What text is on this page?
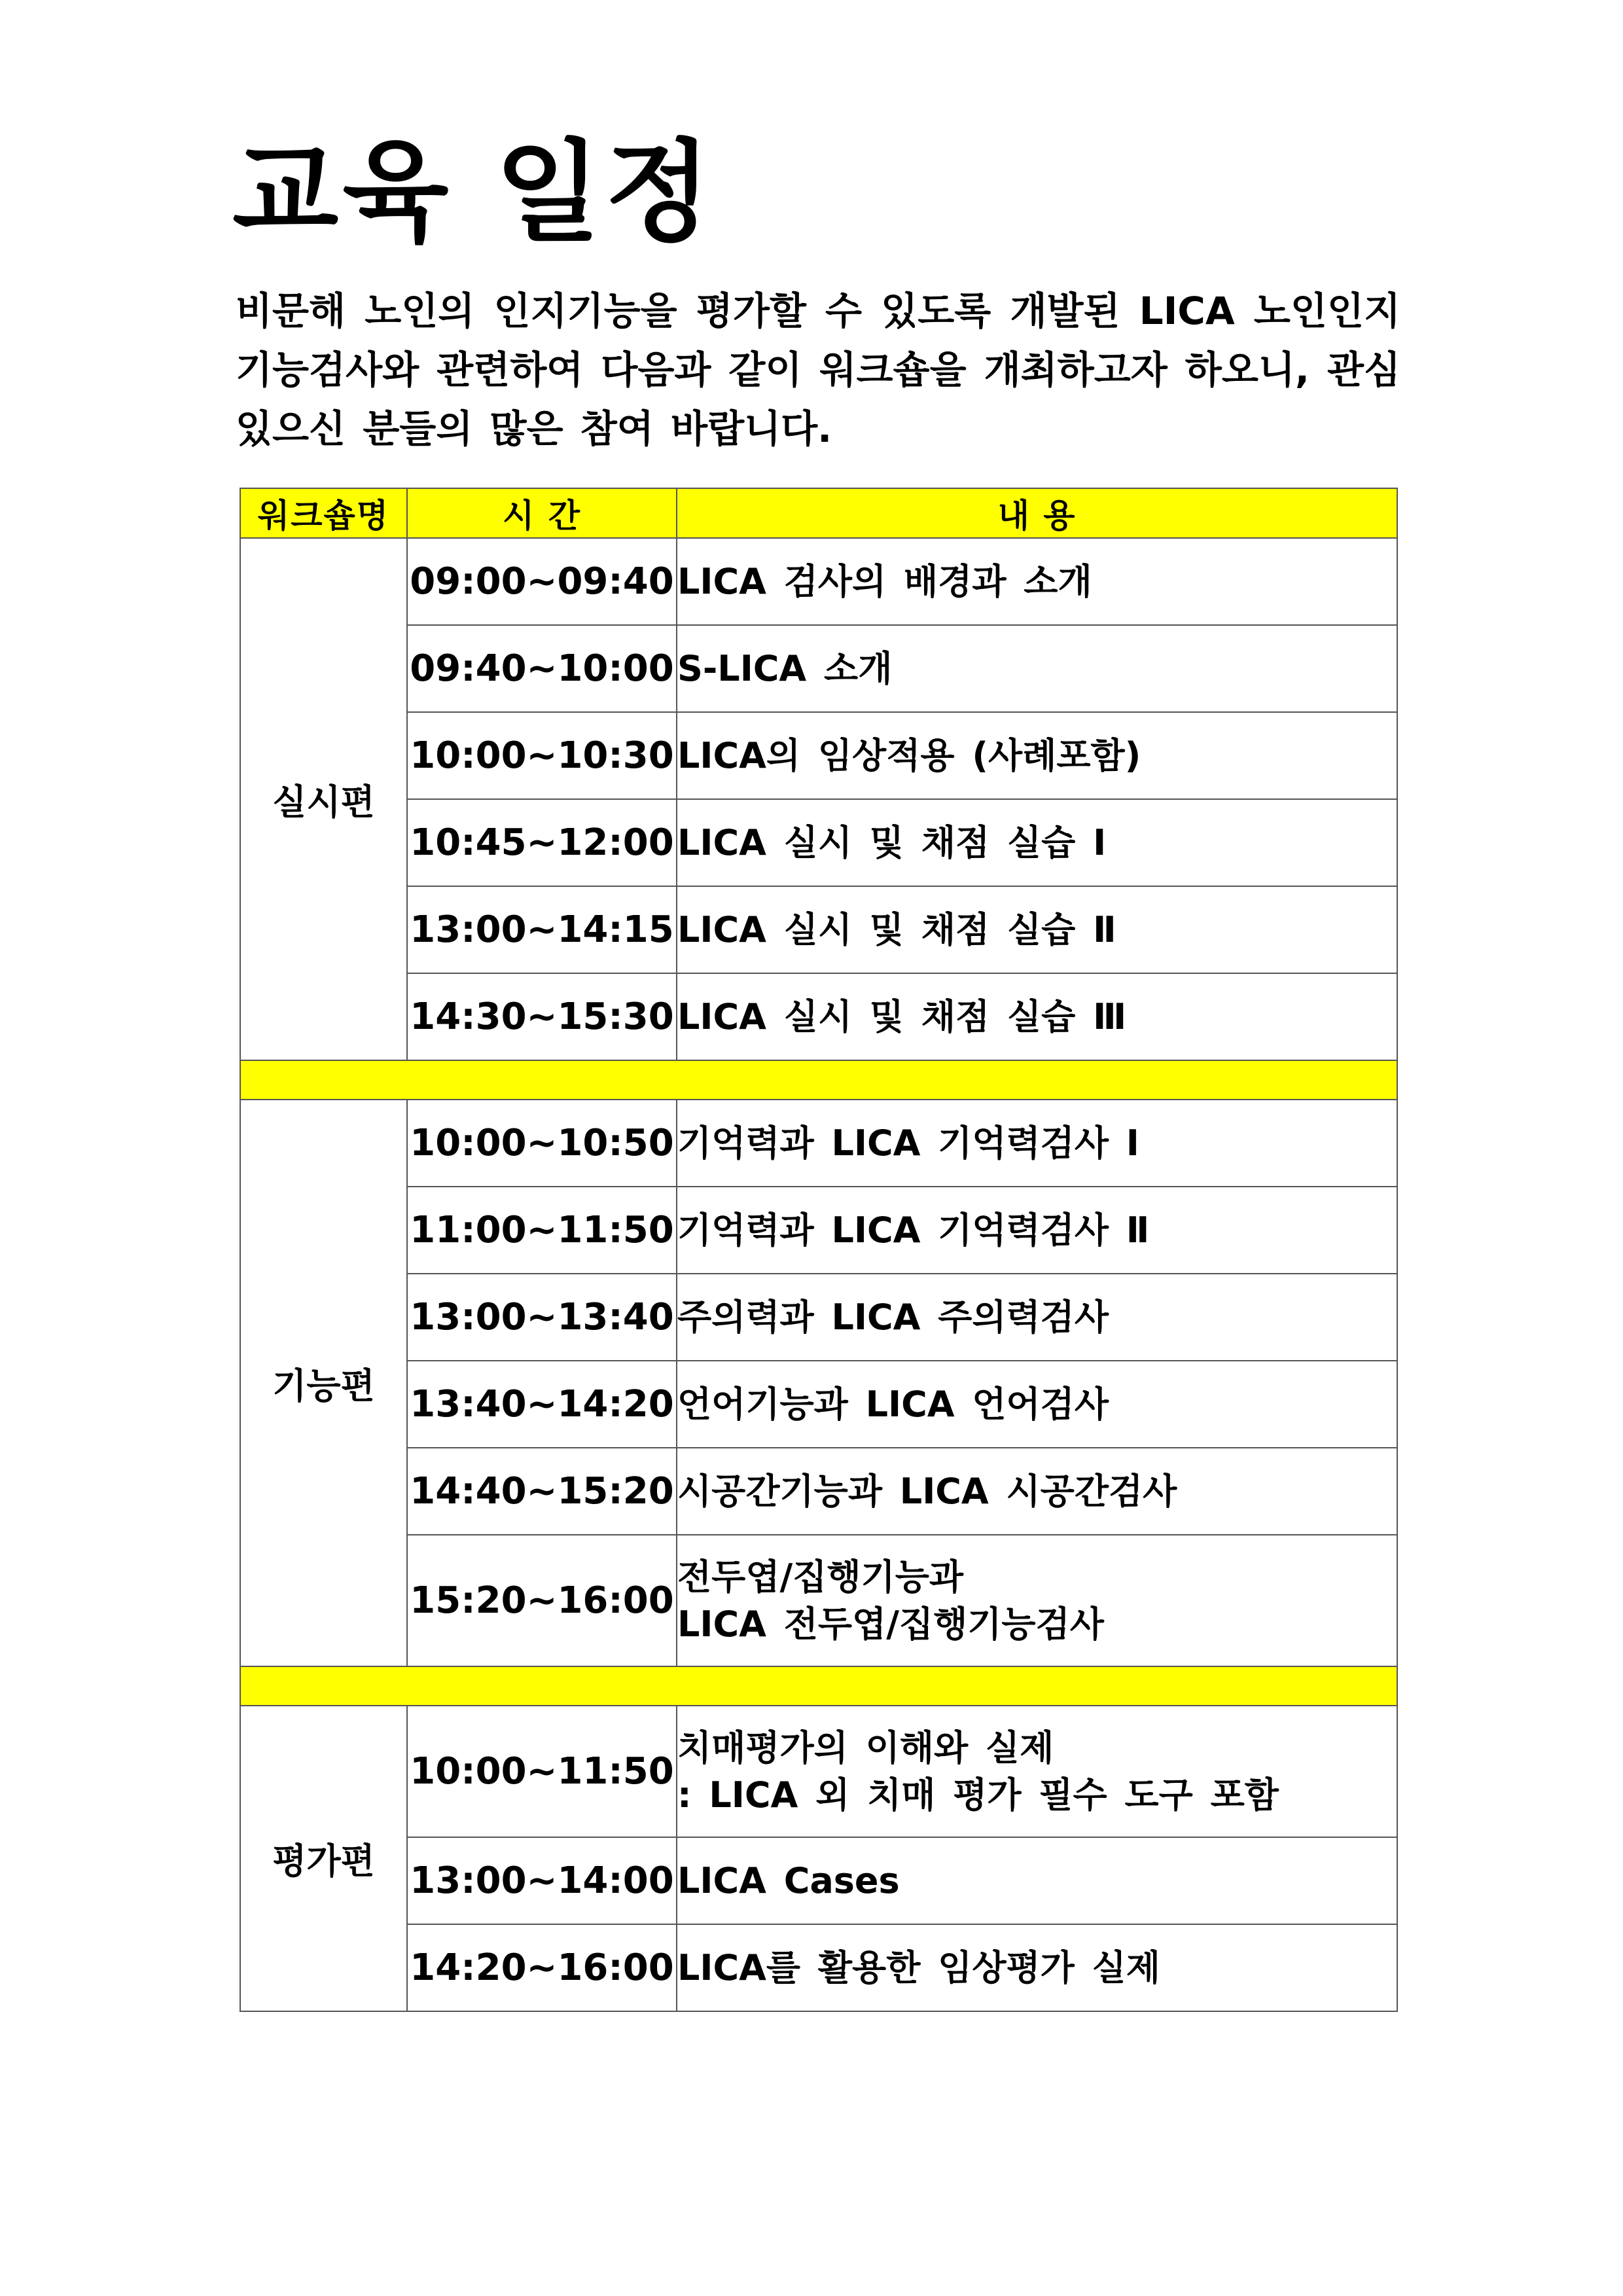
교육 일정
비문해 노인의 인지기능을 평가할 수 있도록 개발된 LICA 노인인지
기능검사와 관련하여 다음과 같이 워크숍을 개최하고자 하오니, 관심
있으신 분들의 많은 참여 바랍니다.
워크숍명	시 간	내 용
실시편	09:00~09:40	LICA 검사의 배경과 소개

	09:40~10:00	S-LICA 소개

	10:00~10:30	LICA의 임상적용 (사례포함)

	10:45~12:00	LICA 실시 및 채점 실습 I

	13:00~14:15	LICA 실시 및 채점 실습 Ⅱ

	14:30~15:30	LICA 실시 및 채점 실습 Ⅲ

기능편	10:00~10:50	기억력과 LICA 기억력검사 I

	11:00~11:50	기억력과 LICA 기억력검사 Ⅱ

	13:00~13:40	주의력과 LICA 주의력검사

	13:40~14:20	언어기능과 LICA 언어검사

	14:40~15:20	시공간기능과 LICA 시공간검사

	15:20~16:00	전두엽/집행기능과
LICA 전두엽/집행기능검사

평가편	10:00~11:50	치매평가의 이해와 실제
: LICA 외 치매 평가 필수 도구 포함

	13:00~14:00	LICA Cases

	14:20~16:00	LICA를 활용한 임상평가 실제
